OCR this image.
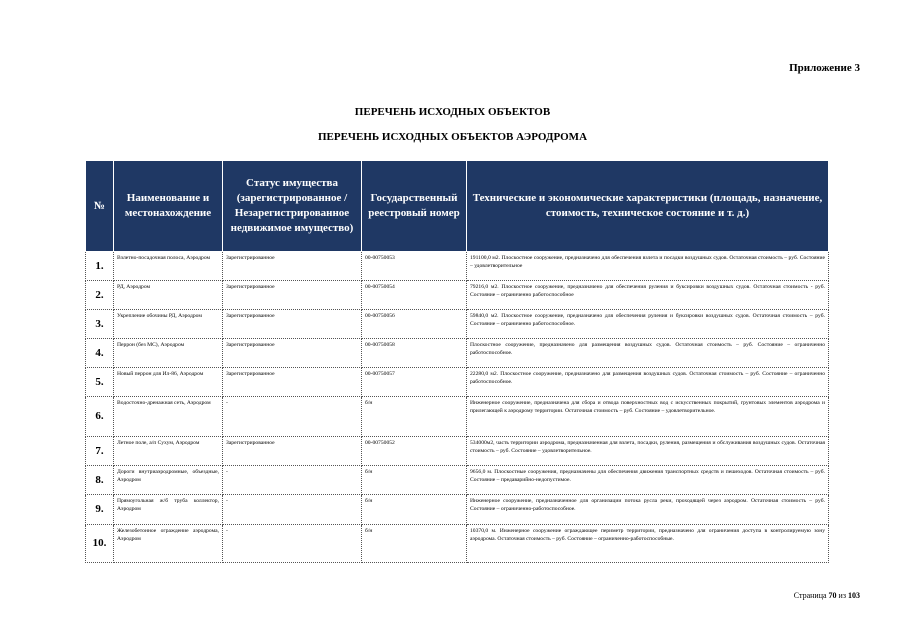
Приложение 3
ПЕРЕЧЕНЬ ИСХОДНЫХ ОБЪЕКТОВ
ПЕРЕЧЕНЬ ИСХОДНЫХ ОБЪЕКТОВ АЭРОДРОМА
№	Наименование и местонахождение	Статус имущества (зарегистрированное / Незарегистрированное недвижимое имущество)	Государственный реестровый номер	Технические и экономические характеристики (площадь, назначение, стоимость, техническое состояние и т. д.)
1.	Взлетно-посадочная полоса, Аэродром	Зарегистрированное	00-00750053	191100,0 м2. Плоскостное сооружение, предназначено для обеспечения взлета и посадки воздушных судов. Остаточная стоимость – руб. Состояние – удовлетворительное
2.	РД, Аэродром	Зарегистрированное	00-00750054	79216,0 м2. Плоскостное сооружение, предназначено для обеспечения руления и буксировки воздушных судов. Остаточная стоимость - руб. Состояние – ограниченно работоспособное
3.	Укрепление обочины РД, Аэродром	Зарегистрированное	00-00750056	59840,0 м2. Плоскостное сооружение, предназначено для обеспечения руления и буксировки воздушных судов. Остаточная стоимость – руб. Состояние – ограниченно работоспособное.
4.	Перрон (без МС), Аэродром	Зарегистрированное	00-00750058	Плоскостное сооружение, предназначено для размещения воздушных судов. Остаточная стоимость – руб. Состояние – ограниченно работоспособное.
5.	Новый перрон для Ил-86, Аэродром	Зарегистрированное	00-00750057	22280,0 м2. Плоскостное сооружение, предназначено для размещения воздушных судов. Остаточная стоимость – руб. Состояние – ограниченно работоспособное.
6.	Водосточно-дренажная сеть, Аэродром	-	б/н	Инженерное сооружение, предназначена для сбора и отвода поверхностных вод с искусственных покрытий, грунтовых элементов аэродрома и прилегающей к аэродрому территории. Остаточная стоимость – руб. Состояние – удовлетворительное.
7.	Летное поле, а/п Сухум, Аэродром	Зарегистрированное	00-00750052	534000м2, часть территории аэродрома, предназначенная для взлета, посадки, руления, размещения и обслуживания воздушных судов. Остаточная стоимость – руб. Состояние – удовлетворительное.
8.	Дороги внутриаэродромные, объездные, Аэродром	-	б/н	9656,0 м. Плоскостные сооружения, предназначены для обеспечения движения транспортных средств и пешеходов. Остаточная стоимость – руб. Состояние – предаварийно-недопустимое.
9.	Прямоугольная ж/б труба коллектор, Аэродром	-	б/н	Инженерное сооружение, предназначенное для организации потока русла реки, проходящей через аэродром. Остаточная стоимость – руб. Состояние – ограниченно-работоспособное.
10.	Железобетонное ограждение аэродрома, Аэродром	-	б/н	10370,0 м. Инженерное сооружение ограждающее периметр территории, предназначено для ограничения доступа в контролируемую зону аэродрома. Остаточная стоимость – руб. Состояние – ограниченно-работоспособные.
Страница 70 из 103
